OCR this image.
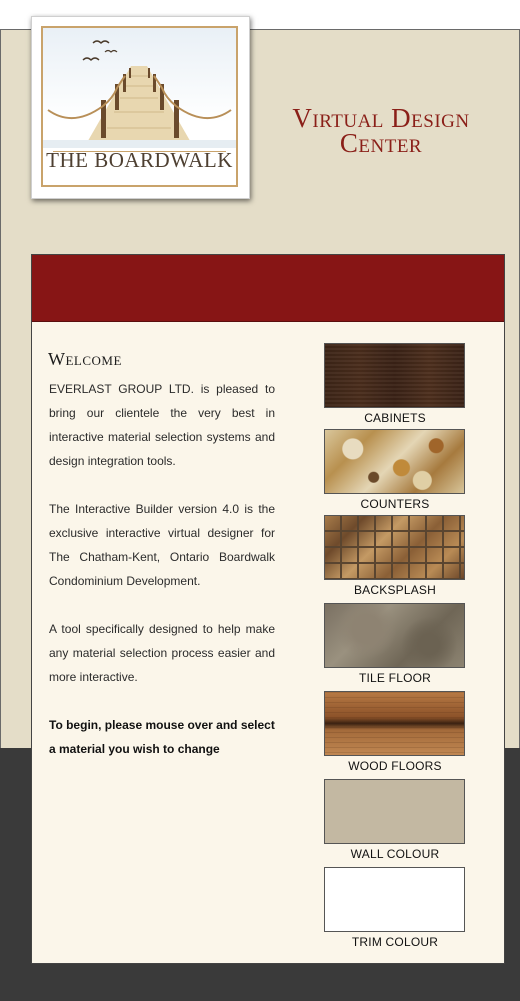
THE BOARDWALK
Virtual Design
Center
Welcome

EVERLAST GROUP LTD. is pleased to bring our clientele the very best in interactive material selection systems and design integration tools.

The Interactive Builder version 4.0 is the exclusive interactive virtual designer for The Chatham-Kent, Ontario Boardwalk Condominium Development.

A tool specifically designed to help make any material selection process easier and more interactive.

To begin, please mouse over and select a material you wish to change

CABINETS
COUNTERS
BACKSPLASH
TILE FLOOR
WOOD FLOORS
WALL COLOUR
TRIM COLOUR
